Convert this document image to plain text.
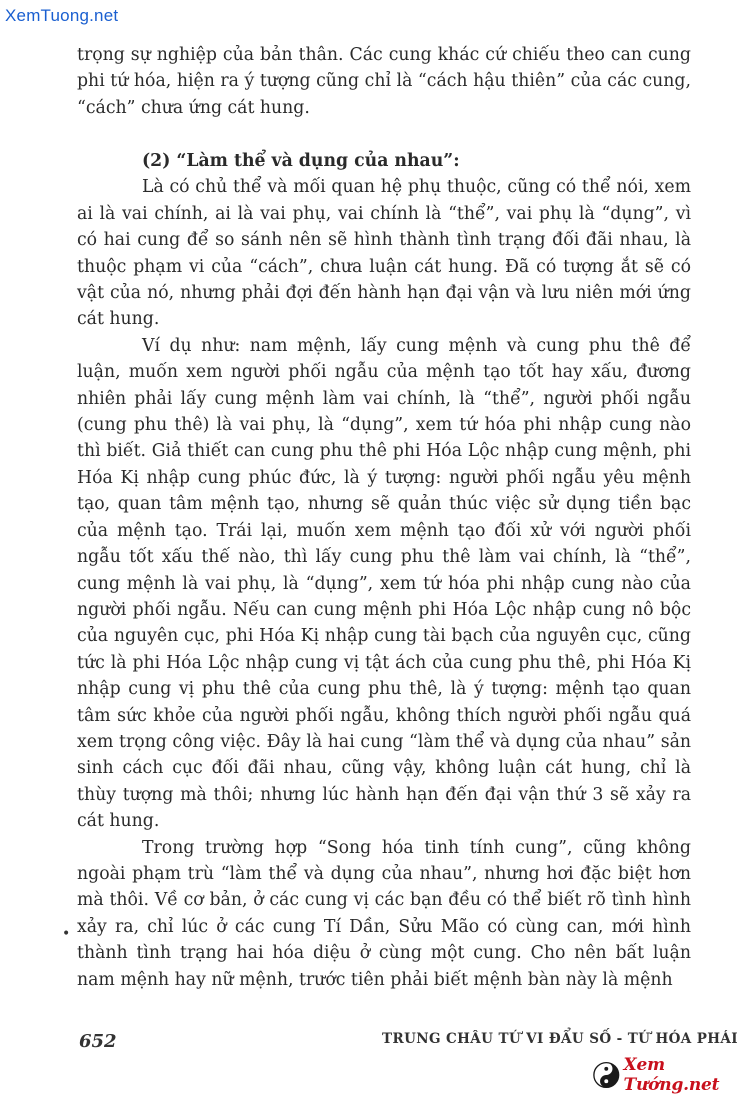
XemTuong.net

trọng sự nghiệp của bản thân. Các cung khác cứ chiếu theo can cung phi tứ hóa, hiện ra ý tượng cũng chỉ là “cách hậu thiên” của các cung, “cách” chưa ứng cát hung.

(2) “Làm thể và dụng của nhau”:

Là có chủ thể và mối quan hệ phụ thuộc, cũng có thể nói, xem ai là vai chính, ai là vai phụ, vai chính là “thể”, vai phụ là “dụng”, vì có hai cung để so sánh nên sẽ hình thành tình trạng đối đãi nhau, là thuộc phạm vi của “cách”, chưa luận cát hung. Đã có tượng ắt sẽ có vật của nó, nhưng phải đợi đến hành hạn đại vận và lưu niên mới ứng cát hung.

Ví dụ như: nam mệnh, lấy cung mệnh và cung phu thê để luận, muốn xem người phối ngẫu của mệnh tạo tốt hay xấu, đương nhiên phải lấy cung mệnh làm vai chính, là “thể”, người phối ngẫu (cung phu thê) là vai phụ, là “dụng”, xem tứ hóa phi nhập cung nào thì biết. Giả thiết can cung phu thê phi Hóa Lộc nhập cung mệnh, phi Hóa Kị nhập cung phúc đức, là ý tượng: người phối ngẫu yêu mệnh tạo, quan tâm mệnh tạo, nhưng sẽ quản thúc việc sử dụng tiền bạc của mệnh tạo. Trái lại, muốn xem mệnh tạo đối xử với người phối ngẫu tốt xấu thế nào, thì lấy cung phu thê làm vai chính, là “thể”, cung mệnh là vai phụ, là “dụng”, xem tứ hóa phi nhập cung nào của người phối ngẫu. Nếu can cung mệnh phi Hóa Lộc nhập cung nô bộc của nguyên cục, phi Hóa Kị nhập cung tài bạch của nguyên cục, cũng tức là phi Hóa Lộc nhập cung vị tật ách của cung phu thê, phi Hóa Kị nhập cung vị phu thê của cung phu thê, là ý tượng: mệnh tạo quan tâm sức khỏe của người phối ngẫu, không thích người phối ngẫu quá xem trọng công việc. Đây là hai cung “làm thể và dụng của nhau” sản sinh cách cục đối đãi nhau, cũng vậy, không luận cát hung, chỉ là thùy tượng mà thôi; nhưng lúc hành hạn đến đại vận thứ 3 sẽ xảy ra cát hung.

Trong trường hợp “Song hóa tinh tính cung”, cũng không ngoài phạm trù “làm thể và dụng của nhau”, nhưng hơi đặc biệt hơn mà thôi. Về cơ bản, ở các cung vị các bạn đều có thể biết rõ tình hình xảy ra, chỉ lúc ở các cung Tí Dần, Sửu Mão có cùng can, mới hình thành tình trạng hai hóa diệu ở cùng một cung. Cho nên bất luận nam mệnh hay nữ mệnh, trước tiên phải biết mệnh bàn này là mệnh

•
652	TRUNG CHÂU TỨ VI ĐẨU SỐ - TỨ HÓA PHÁI
Xem Tướng.net
